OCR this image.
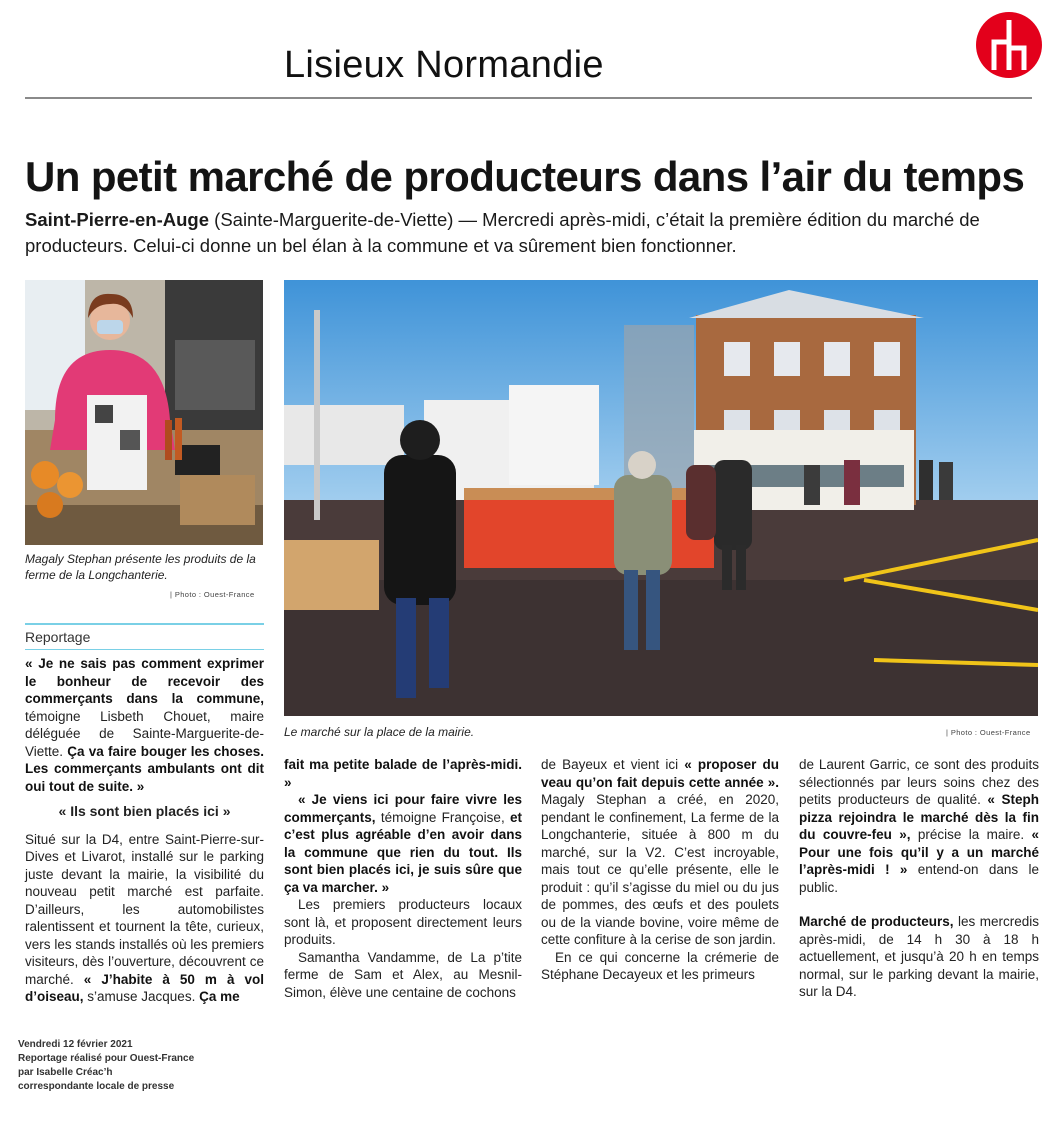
Lisieux Normandie
Un petit marché de producteurs dans l’air du temps
Saint-Pierre-en-Auge (Sainte-Marguerite-de-Viette) — Mercredi après-midi, c’était la première édition du marché de producteurs. Celui-ci donne un bel élan à la commune et va sûrement bien fonctionner.
Magaly Stephan présente les produits de la ferme de la Longchanterie.
| Photo : Ouest-France
Le marché sur la place de la mairie.	| Photo : Ouest-France
Reportage

« Je ne sais pas comment exprimer le bonheur de recevoir des commerçants dans la commune, témoigne Lisbeth Chouet, maire déléguée de Sainte-Marguerite-de-Viette. Ça va faire bouger les choses. Les commerçants ambulants ont dit oui tout de suite. »

« Ils sont bien placés ici »

Situé sur la D4, entre Saint-Pierre-sur-Dives et Livarot, installé sur le parking juste devant la mairie, la visibilité du nouveau petit marché est parfaite. D’ailleurs, les automobilistes ralentissent et tournent la tête, curieux, vers les stands installés où les premiers visiteurs, dès l’ouverture, découvrent ce marché. « J’habite à 50 m à vol d’oiseau, s’amuse Jacques. Ça me

fait ma petite balade de l’après-midi. »

« Je viens ici pour faire vivre les commerçants, témoigne Françoise, et c’est plus agréable d’en avoir dans la commune que rien du tout. Ils sont bien placés ici, je suis sûre que ça va marcher. »

Les premiers producteurs locaux sont là, et proposent directement leurs produits.

Samantha Vandamme, de La p’tite ferme de Sam et Alex, au Mesnil-Simon, élève une centaine de cochons

de Bayeux et vient ici « proposer du veau qu’on fait depuis cette année ». Magaly Stephan a créé, en 2020, pendant le confinement, La ferme de la Longchanterie, située à 800 m du marché, sur la V2. C’est incroyable, mais tout ce qu’elle présente, elle le produit : qu’il s’agisse du miel ou du jus de pommes, des œufs et des poulets ou de la viande bovine, voire même de cette confiture à la cerise de son jardin.

En ce qui concerne la crémerie de Stéphane Decayeux et les primeurs

de Laurent Garric, ce sont des produits sélectionnés par leurs soins chez des petits producteurs de qualité. « Steph pizza rejoindra le marché dès la fin du couvre-feu », précise la maire. « Pour une fois qu’il y a un marché l’après-midi ! » entend-on dans le public.

Marché de producteurs, les mercredis après-midi, de 14 h 30 à 18 h actuellement, et jusqu’à 20 h en temps normal, sur le parking devant la mairie, sur la D4.

Vendredi 12 février 2021
Reportage réalisé pour Ouest-France
par Isabelle Créac’h
correspondante locale de presse
